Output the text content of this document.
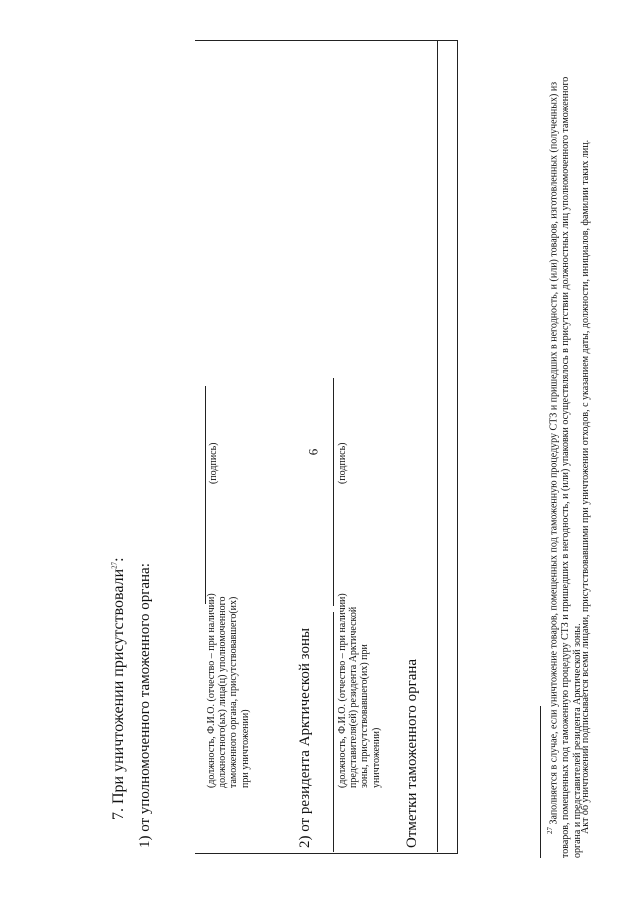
6
7. При уничтожении присутствовали$^{27}$:
1) от уполномоченного таможенного органа:	(должность, Ф.И.О. (отчество – при наличии) должностного(ых) лица(ц) уполномоченного таможенного органа, присутствовавшего(их) при уничтожении)
(подпись)
2) от резидента Арктической зоны (должность, Ф.И.О. (отчество – при наличии) представителя(ей) резидента Арктической зоны, присутствовавшего(их) при уничтожении)
(подпись)
Отметки таможенного органа	$^{27}$ Заполняется в случае, если уничтожение товаров, помещенных под таможенную процедуру СТЗ и пришедших в негодность, и (или) товаров, изготовленных (полученных) из товаров, помещенных под таможенную процедуру СТЗ и пришедших в негодность, и (или) упаковки осуществлялось в присутствии должностных лиц уполномоченного таможенного органа и представителей резидента Арктической зоны.
Акт об уничтожении подписывается всеми лицами, присутствовавшими при уничтожении отходов, с указанием даты, должности, инициалов, фамилии таких лиц.
